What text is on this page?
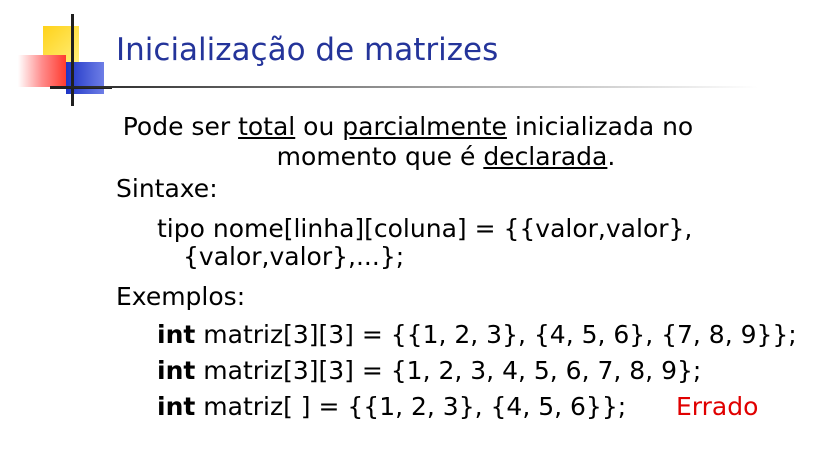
Inicialização de matrizes
Pode ser total ou parcialmente inicializada no
momento que é declarada.
Sintaxe:
tipo nome[linha][coluna] = {{valor,valor},
{valor,valor},...};
Exemplos:
int matriz[3][3] = {{1, 2, 3}, {4, 5, 6}, {7, 8, 9}};
int matriz[3][3] = {1, 2, 3, 4, 5, 6, 7, 8, 9};
int matriz[ ] = {{1, 2, 3}, {4, 5, 6}}; Errado
